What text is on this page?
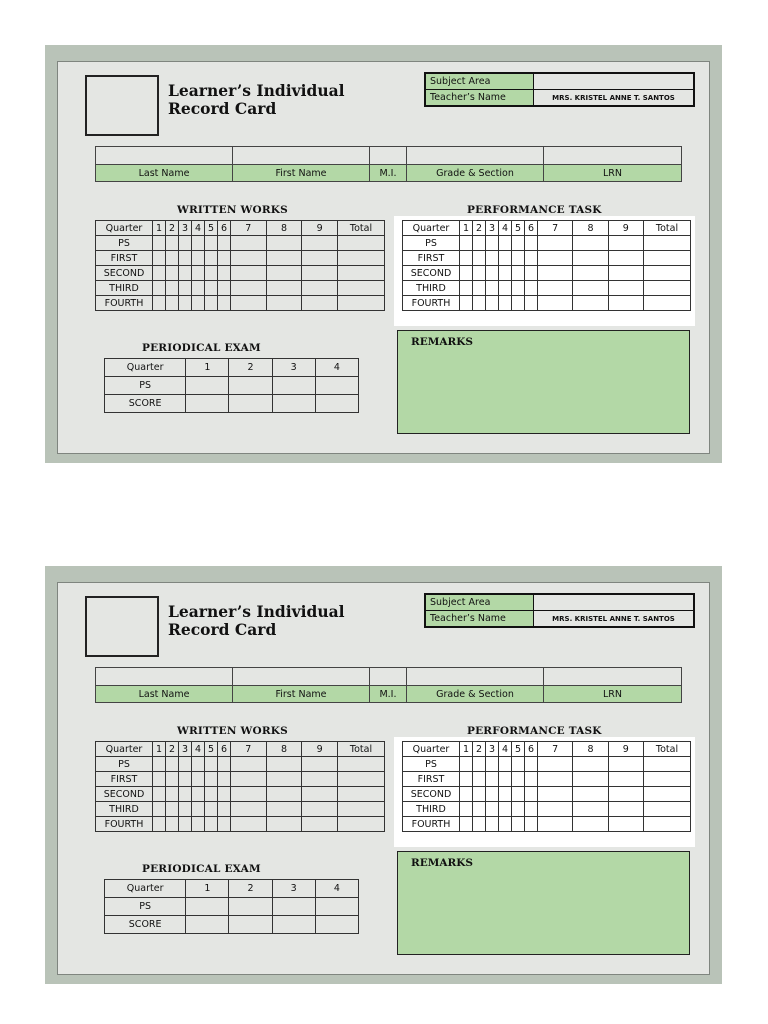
Learner’s Individual
Record Card
Subject Area	
Teacher’s Name	MRS. KRISTEL ANNE T. SANTOS

Last Name	First Name	M.I.	Grade & Section	LRN
WRITTEN WORKS	PERFORMANCE TASK
Quarter	1	2	3	4	5	6	7	8	9	Total
PS										
FIRST										
SECOND										
THIRD										
FOURTH										
Quarter	1	2	3	4	5	6	7	8	9	Total
PS										
FIRST										
SECOND										
THIRD										
FOURTH										
PERIODICAL EXAM
Quarter	1	2	3	4
PS				
SCORE				
REMARKS
Learner’s Individual
Record Card
Subject Area	
Teacher’s Name	MRS. KRISTEL ANNE T. SANTOS

Last Name	First Name	M.I.	Grade & Section	LRN
WRITTEN WORKS	PERFORMANCE TASK
Quarter	1	2	3	4	5	6	7	8	9	Total
PS										
FIRST										
SECOND										
THIRD										
FOURTH										
Quarter	1	2	3	4	5	6	7	8	9	Total
PS										
FIRST										
SECOND										
THIRD										
FOURTH										
PERIODICAL EXAM
Quarter	1	2	3	4
PS				
SCORE				
REMARKS
